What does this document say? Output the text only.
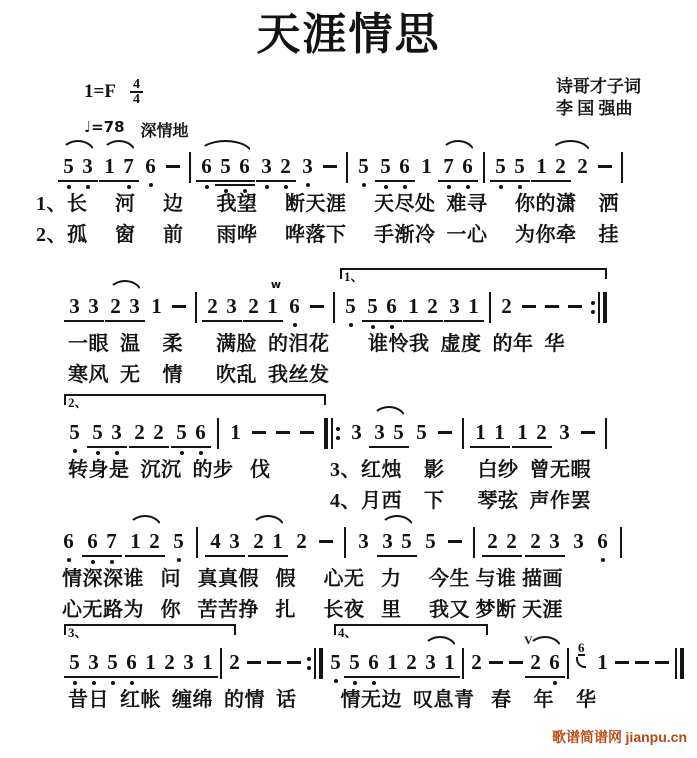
天涯情思
$1=F \frac{4}{4}$
♩=78 深情地
诗哥才子词
李 国 强曲
5 3 1 7 6 6 5 6 3 2 3 5 5 6 1 7 6 5 5 1 2 2
1、长     河     边      我望     断天涯     天尽处  难寻     你的潇    洒
2、孤     窗     前      雨哗     哗落下     手渐冷  一心     为你牵    挂
1、
3 3 2 3 1 2 3
w
2 1 6 5 5 6 1 2 3 1 2
一眼  温    柔      满脸  的泪花       谁怜我  虚度  的年  华
寒风  无    情      吹乱  我丝发
2、
5 5 3 2 2 5 6 1	3 3 5 5 1 1 1 2 3
转身是  沉沉  的步   伐	3、红烛    影      白纱  曾无暇
4、月西    下      琴弦  声作罢
6 6 7 1 2 5 4 3 2 1 2 3 3 5 5 2 2 2 3 3 6
情深深谁   问   真真假   假     心无   力     今生 与谁 描画
心无路为   你   苦苦挣   扎     长夜   里     我又 梦断 天涯
3、	4、
5 3 5 6 1 2 3 1 2	5 5 6 1 2 3 1 2
V
2 6
6
1
昔日  红帐  缠绵  的情  话        情无边  叹息青   春    年    华
歌谱简谱网 jianpu.cn
